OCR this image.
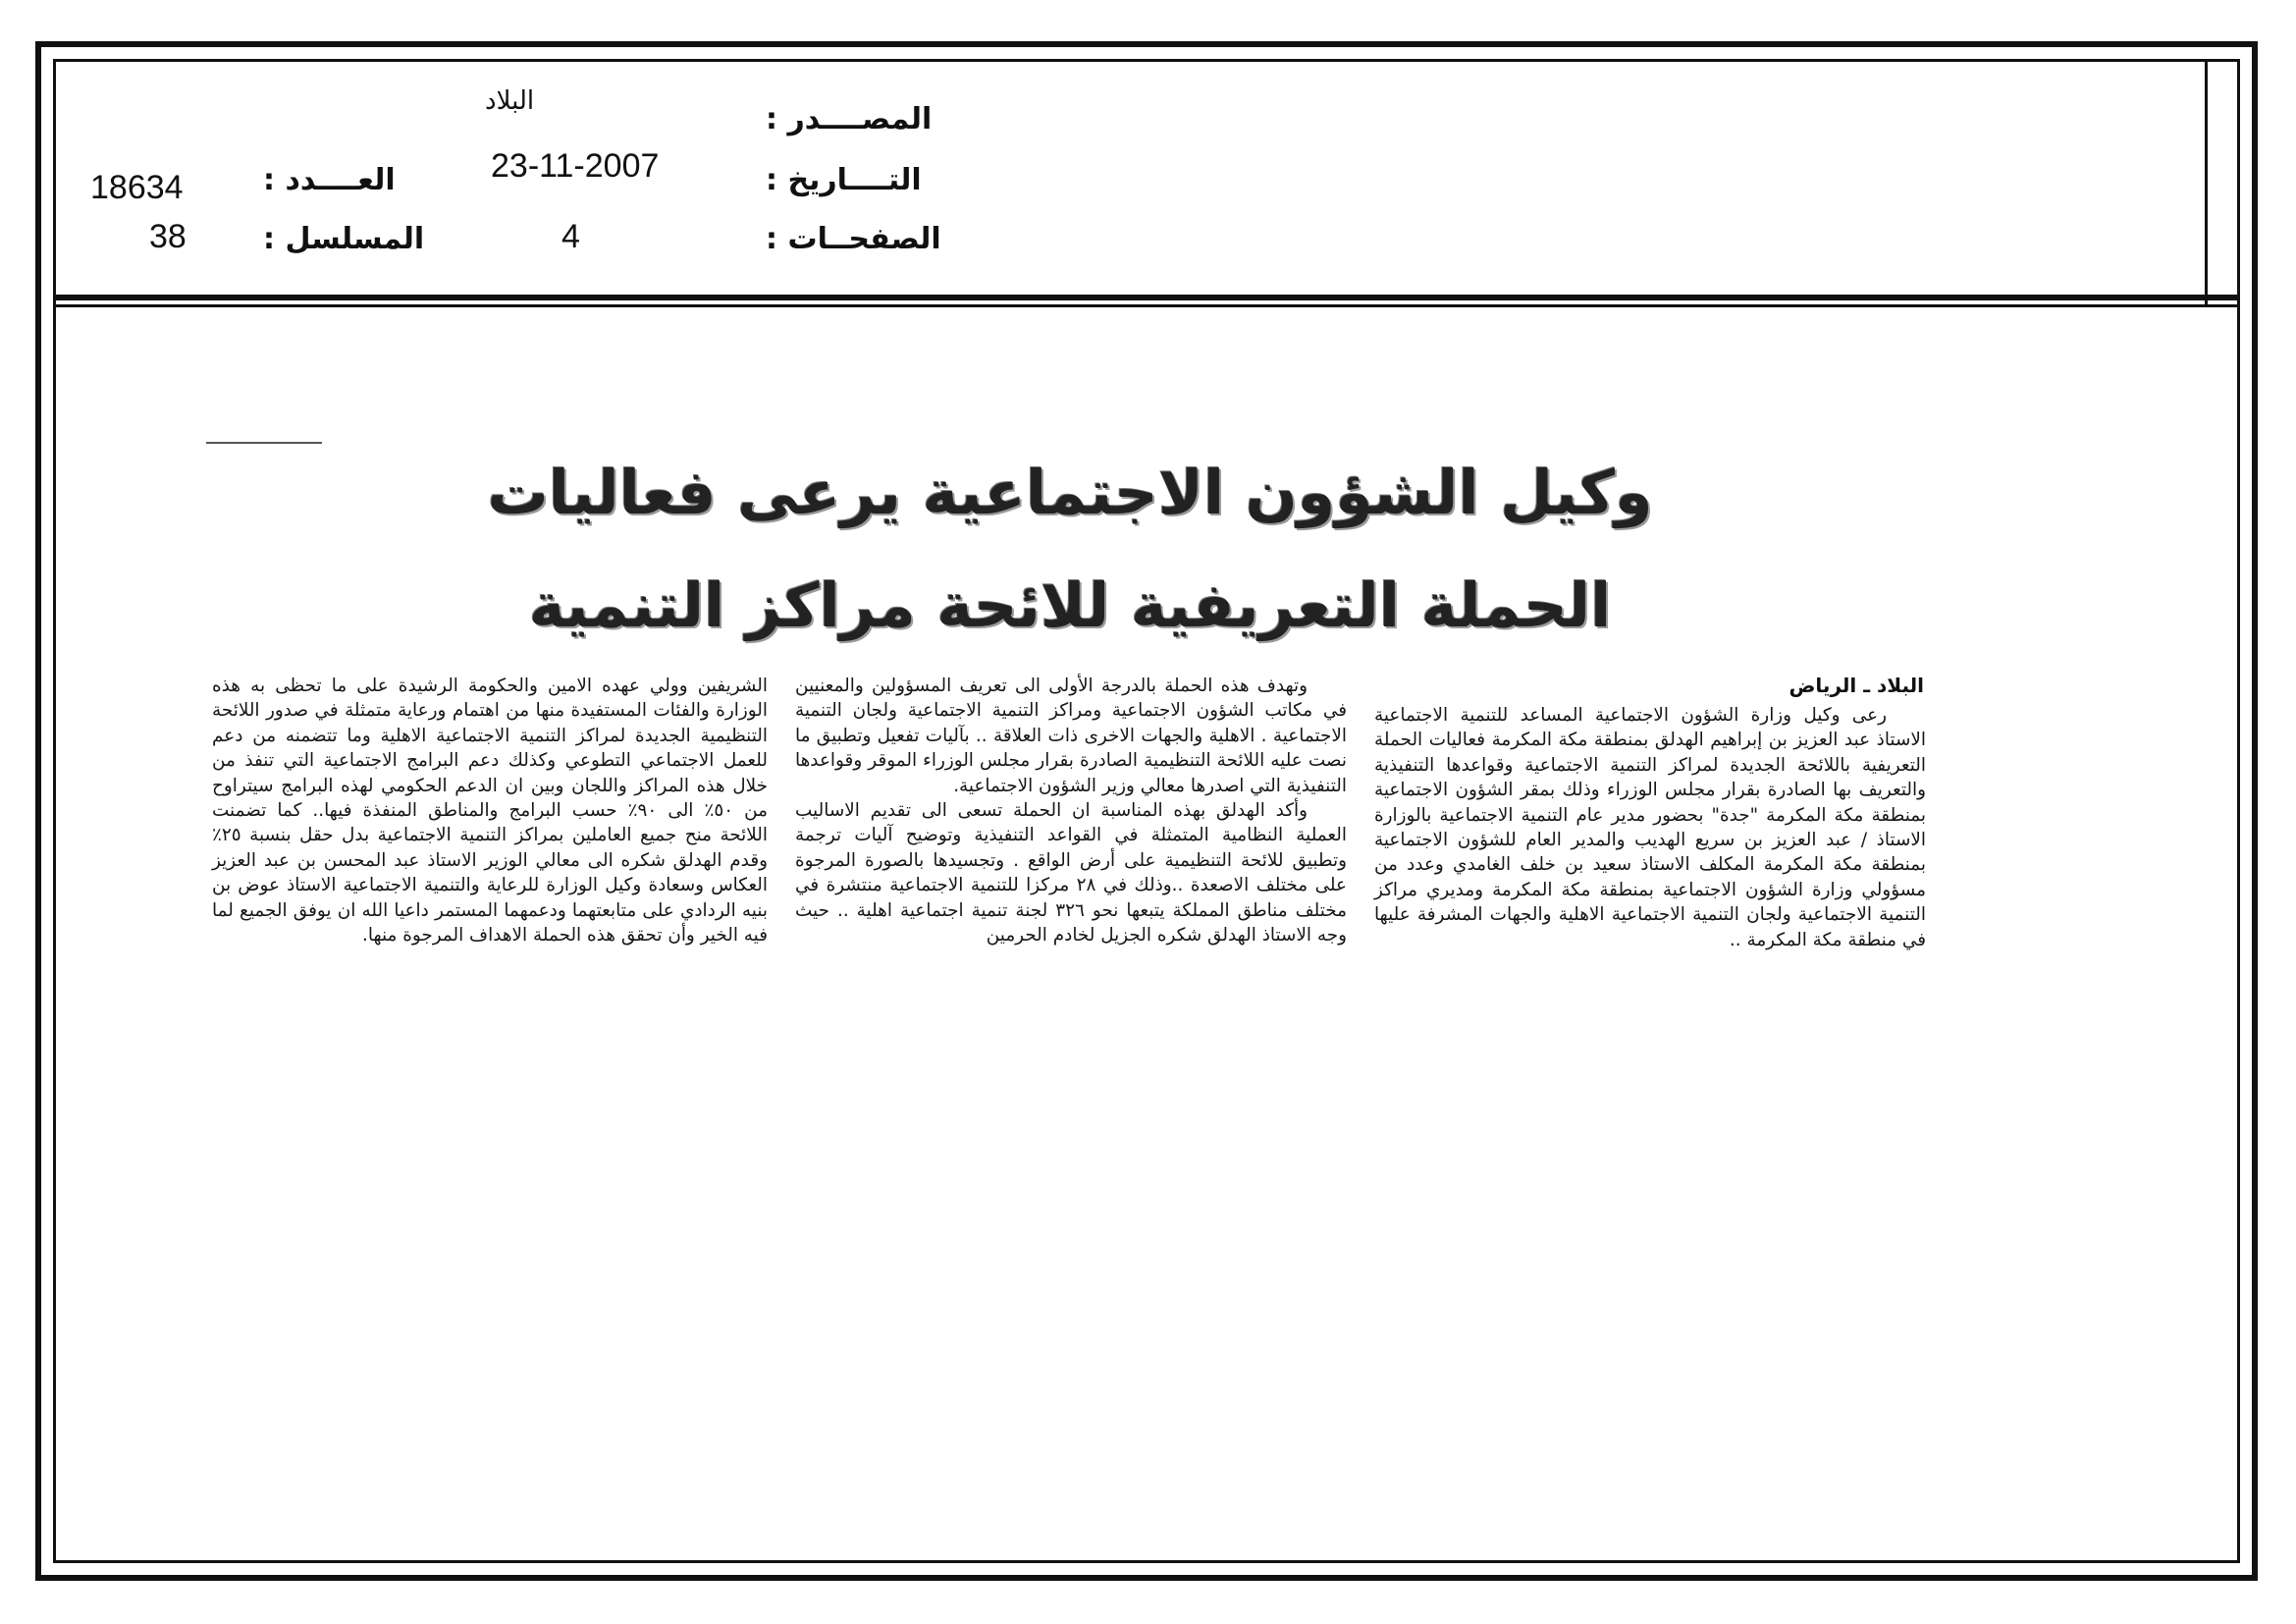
المصــــدر :
التــــاريخ :
الصفحــات :
البلاد
23-11-2007
4
العــــدد :
المسلسل :
18634
38
وكيل الشؤون الاجتماعية يرعى فعاليات
الحملة التعريفية للائحة مراكز التنمية
البلاد ـ الرياض

رعى وكيل وزارة الشؤون الاجتماعية المساعد للتنمية الاجتماعية الاستاذ عبد العزيز بن إبراهيم الهدلق بمنطقة مكة المكرمة فعاليات الحملة التعريفية باللائحة الجديدة لمراكز التنمية الاجتماعية وقواعدها التنفيذية والتعريف بها الصادرة بقرار مجلس الوزراء وذلك بمقر الشؤون الاجتماعية بمنطقة مكة المكرمة "جدة" بحضور مدير عام التنمية الاجتماعية بالوزارة الاستاذ / عبد العزيز بن سريع الهديب والمدير العام للشؤون الاجتماعية بمنطقة مكة المكرمة المكلف الاستاذ سعيد بن خلف الغامدي وعدد من مسؤولي وزارة الشؤون الاجتماعية بمنطقة مكة المكرمة ومديري مراكز التنمية الاجتماعية ولجان التنمية الاجتماعية الاهلية والجهات المشرفة عليها في منطقة مكة المكرمة ..

وتهدف هذه الحملة بالدرجة الأولى الى تعريف المسؤولين والمعنيين في مكاتب الشؤون الاجتماعية ومراكز التنمية الاجتماعية ولجان التنمية الاجتماعية . الاهلية والجهات الاخرى ذات العلاقة .. بآليات تفعيل وتطبيق ما نصت عليه اللائحة التنظيمية الصادرة بقرار مجلس الوزراء الموقر وقواعدها التنفيذية التي اصدرها معالي وزير الشؤون الاجتماعية.

وأكد الهدلق بهذه المناسبة ان الحملة تسعى الى تقديم الاساليب العملية النظامية المتمثلة في القواعد التنفيذية وتوضيح آليات ترجمة وتطبيق للائحة التنظيمية على أرض الواقع . وتجسيدها بالصورة المرجوة على مختلف الاصعدة ..وذلك في ٢٨ مركزا للتنمية الاجتماعية منتشرة في مختلف مناطق المملكة يتبعها نحو ٣٢٦ لجنة تنمية اجتماعية اهلية .. حيث وجه الاستاذ الهدلق شكره الجزيل لخادم الحرمين

الشريفين وولي عهده الامين والحكومة الرشيدة على ما تحظى به هذه الوزارة والفئات المستفيدة منها من اهتمام ورعاية متمثلة في صدور اللائحة التنظيمية الجديدة لمراكز التنمية الاجتماعية الاهلية وما تتضمنه من دعم للعمل الاجتماعي التطوعي وكذلك دعم البرامج الاجتماعية التي تنفذ من خلال هذه المراكز واللجان وبين ان الدعم الحكومي لهذه البرامج سيتراوح من ٥٠٪ الى ٩٠٪ حسب البرامج والمناطق المنفذة فيها.. كما تضمنت اللائحة منح جميع العاملين بمراكز التنمية الاجتماعية بدل حقل بنسبة ٢٥٪ وقدم الهدلق شكره الى معالي الوزير الاستاذ عبد المحسن بن عبد العزيز العكاس وسعادة وكيل الوزارة للرعاية والتنمية الاجتماعية الاستاذ عوض بن بنيه الردادي على متابعتهما ودعمهما المستمر داعيا الله ان يوفق الجميع لما فيه الخير وأن تحقق هذه الحملة الاهداف المرجوة منها.
